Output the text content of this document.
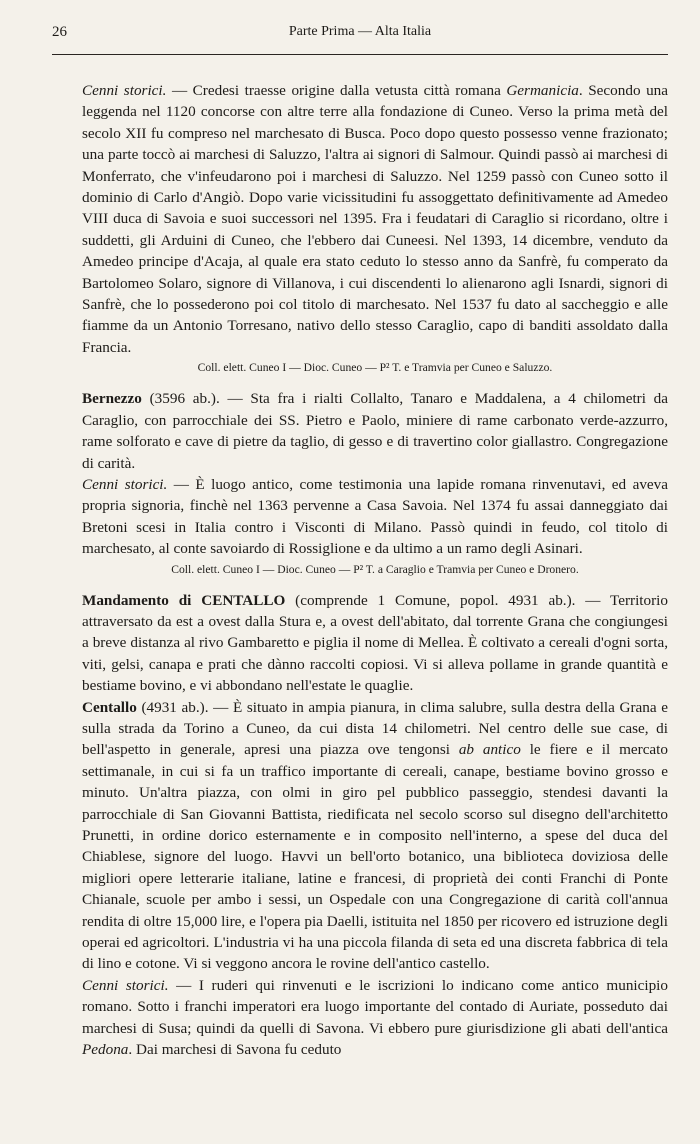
26	Parte Prima — Alta Italia

Cenni storici. — Credesi traesse origine dalla vetusta città romana Germanicia. Secondo una leggenda nel 1120 concorse con altre terre alla fondazione di Cuneo. Verso la prima metà del secolo XII fu compreso nel marchesato di Busca. Poco dopo questo possesso venne frazionato; una parte toccò ai marchesi di Saluzzo, l'altra ai signori di Salmour. Quindi passò ai marchesi di Monferrato, che v'infeudarono poi i marchesi di Saluzzo. Nel 1259 passò con Cuneo sotto il dominio di Carlo d'Angiò. Dopo varie vicissitudini fu assoggettato definitivamente ad Amedeo VIII duca di Savoia e suoi successori nel 1395. Fra i feudatari di Caraglio si ricordano, oltre i suddetti, gli Arduini di Cuneo, che l'ebbero dai Cuneesi. Nel 1393, 14 dicembre, venduto da Amedeo principe d'Acaja, al quale era stato ceduto lo stesso anno da Sanfrè, fu comperato da Bartolomeo Solaro, signore di Villanova, i cui discendenti lo alienarono agli Isnardi, signori di Sanfrè, che lo possederono poi col titolo di marchesato. Nel 1537 fu dato al saccheggio e alle fiamme da un Antonio Torresano, nativo dello stesso Caraglio, capo di banditi assoldato dalla Francia.

Coll. elett. Cuneo I — Dioc. Cuneo — P² T. e Tramvia per Cuneo e Saluzzo.

Bernezzo (3596 ab.). — Sta fra i rialti Collalto, Tanaro e Maddalena, a 4 chilometri da Caraglio, con parrocchiale dei SS. Pietro e Paolo, miniere di rame carbonato verde-azzurro, rame solforato e cave di pietre da taglio, di gesso e di travertino color giallastro. Congregazione di carità.

Cenni storici. — È luogo antico, come testimonia una lapide romana rinvenutavi, ed aveva propria signoria, finchè nel 1363 pervenne a Casa Savoia. Nel 1374 fu assai danneggiato dai Bretoni scesi in Italia contro i Visconti di Milano. Passò quindi in feudo, col titolo di marchesato, al conte savoiardo di Rossiglione e da ultimo a un ramo degli Asinari.

Coll. elett. Cuneo I — Dioc. Cuneo — P² T. a Caraglio e Tramvia per Cuneo e Dronero.

Mandamento di CENTALLO (comprende 1 Comune, popol. 4931 ab.). — Territorio attraversato da est a ovest dalla Stura e, a ovest dell'abitato, dal torrente Grana che congiungesi a breve distanza al rivo Gambaretto e piglia il nome di Mellea. È coltivato a cereali d'ogni sorta, viti, gelsi, canapa e prati che dànno raccolti copiosi. Vi si alleva pollame in grande quantità e bestiame bovino, e vi abbondano nell'estate le quaglie.

Centallo (4931 ab.). — È situato in ampia pianura, in clima salubre, sulla destra della Grana e sulla strada da Torino a Cuneo, da cui dista 14 chilometri. Nel centro delle sue case, di bell'aspetto in generale, apresi una piazza ove tengonsi ab antico le fiere e il mercato settimanale, in cui si fa un traffico importante di cereali, canape, bestiame bovino grosso e minuto. Un'altra piazza, con olmi in giro pel pubblico passeggio, stendesi davanti la parrocchiale di San Giovanni Battista, riedificata nel secolo scorso sul disegno dell'architetto Prunetti, in ordine dorico esternamente e in composito nell'interno, a spese del duca del Chiablese, signore del luogo. Havvi un bell'orto botanico, una biblioteca doviziosa delle migliori opere letterarie italiane, latine e francesi, di proprietà dei conti Franchi di Ponte Chianale, scuole per ambo i sessi, un Ospedale con una Congregazione di carità coll'annua rendita di oltre 15,000 lire, e l'opera pia Daelli, istituita nel 1850 per ricovero ed istruzione degli operai ed agricoltori. L'industria vi ha una piccola filanda di seta ed una discreta fabbrica di tela di lino e cotone. Vi si veggono ancora le rovine dell'antico castello.

Cenni storici. — I ruderi qui rinvenuti e le iscrizioni lo indicano come antico municipio romano. Sotto i franchi imperatori era luogo importante del contado di Auriate, posseduto dai marchesi di Susa; quindi da quelli di Savona. Vi ebbero pure giurisdizione gli abati dell'antica Pedona. Dai marchesi di Savona fu ceduto
